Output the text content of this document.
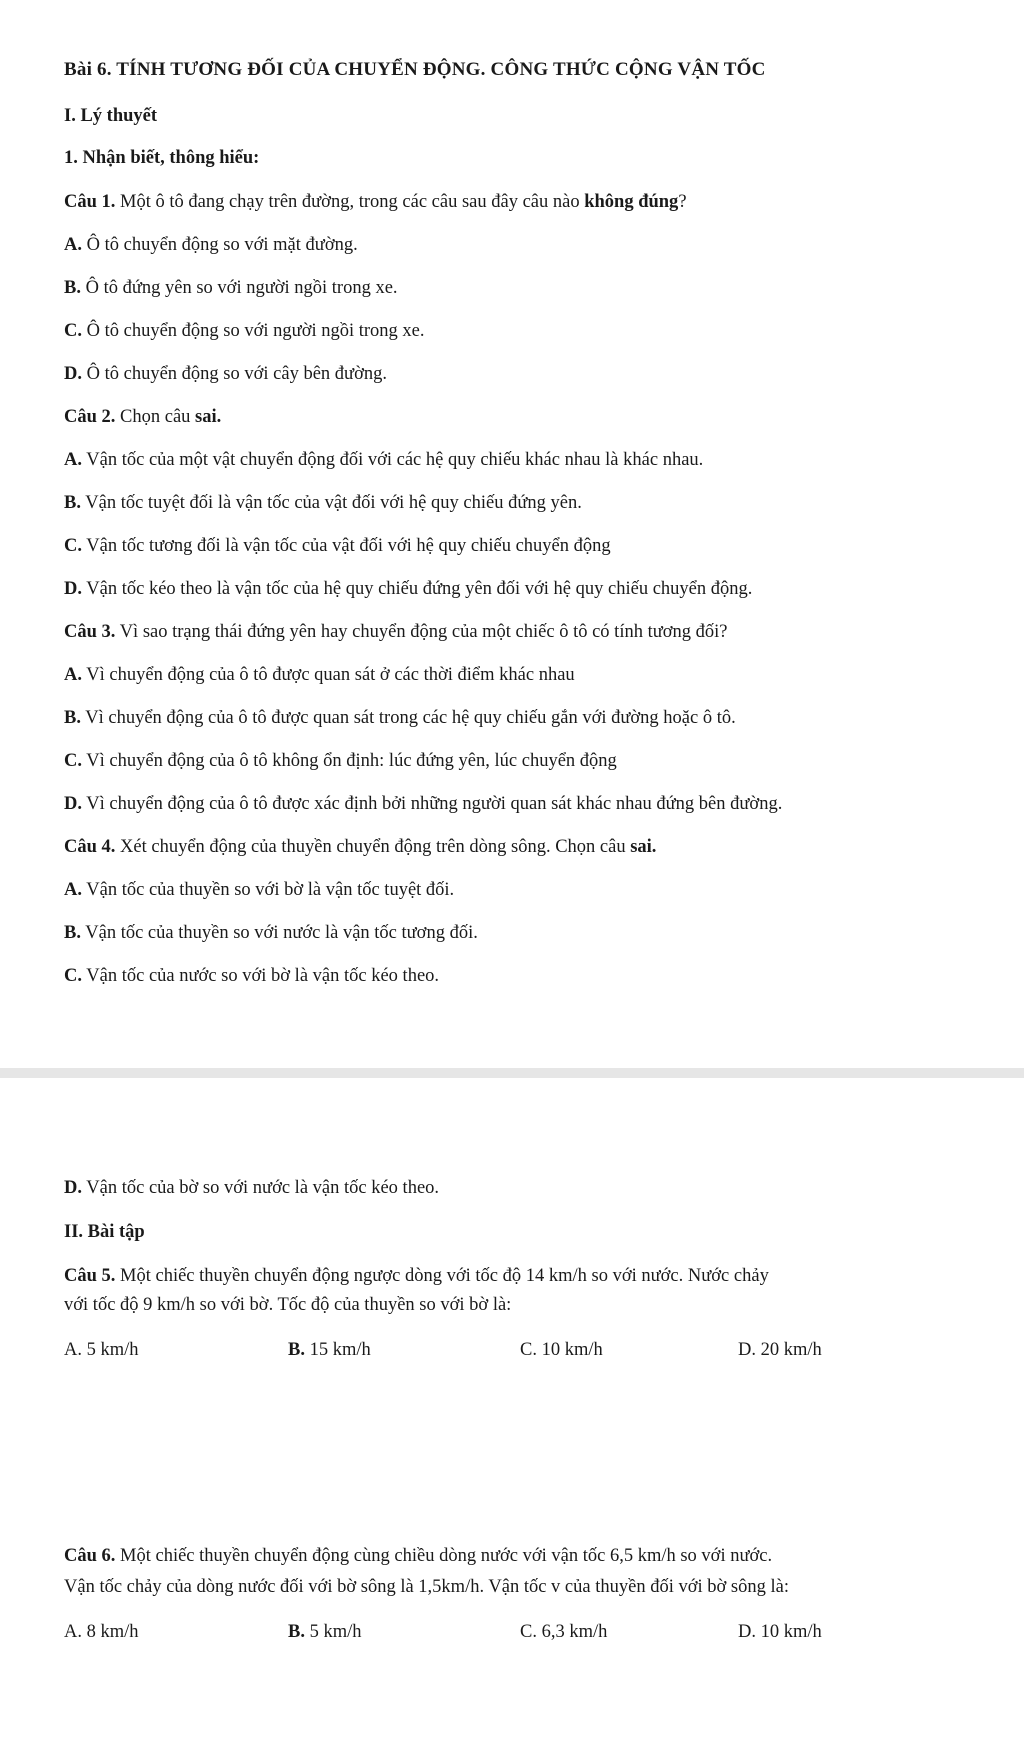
Bài 6. TÍNH TƯƠNG ĐỐI CỦA CHUYỂN ĐỘNG. CÔNG THỨC CỘNG VẬN TỐC
I. Lý thuyết
1. Nhận biết, thông hiểu:
Câu 1. Một ô tô đang chạy trên đường, trong các câu sau đây câu nào không đúng?
A. Ô tô chuyển động so với mặt đường.
B. Ô tô đứng yên so với người ngồi trong xe.
C. Ô tô chuyển động so với người ngồi trong xe.
D. Ô tô chuyển động so với cây bên đường.
Câu 2. Chọn câu sai.
A. Vận tốc của một vật chuyển động đối với các hệ quy chiếu khác nhau là khác nhau.
B. Vận tốc tuyệt đối là vận tốc của vật đối với hệ quy chiếu đứng yên.
C. Vận tốc tương đối là vận tốc của vật đối với hệ quy chiếu chuyển động
D. Vận tốc kéo theo là vận tốc của hệ quy chiếu đứng yên đối với hệ quy chiếu chuyển động.
Câu 3. Vì sao trạng thái đứng yên hay chuyển động của một chiếc ô tô có tính tương đối?
A. Vì chuyển động của ô tô được quan sát ở các thời điểm khác nhau
B. Vì chuyển động của ô tô được quan sát trong các hệ quy chiếu gắn với đường hoặc ô tô.
C. Vì chuyển động của ô tô không ổn định: lúc đứng yên, lúc chuyển động
D. Vì chuyển động của ô tô được xác định bởi những người quan sát khác nhau đứng bên đường.
Câu 4. Xét chuyển động của thuyền chuyển động trên dòng sông. Chọn câu sai.
A. Vận tốc của thuyền so với bờ là vận tốc tuyệt đối.
B. Vận tốc của thuyền so với nước là vận tốc tương đối.
C. Vận tốc của nước so với bờ là vận tốc kéo theo.
D. Vận tốc của bờ so với nước là vận tốc kéo theo.
II. Bài tập
Câu 5. Một chiếc thuyền chuyển động ngược dòng với tốc độ 14 km/h so với nước. Nước chảy
với tốc độ 9 km/h so với bờ. Tốc độ của thuyền so với bờ là:
A. 5 km/h	B. 15 km/h	C. 10 km/h	D. 20 km/h
Câu 6. Một chiếc thuyền chuyển động cùng chiều dòng nước với vận tốc 6,5 km/h so với nước.
Vận tốc chảy của dòng nước đối với bờ sông là 1,5km/h. Vận tốc v của thuyền đối với bờ sông là:
A. 8 km/h	B. 5 km/h	C. 6,3 km/h	D. 10 km/h
